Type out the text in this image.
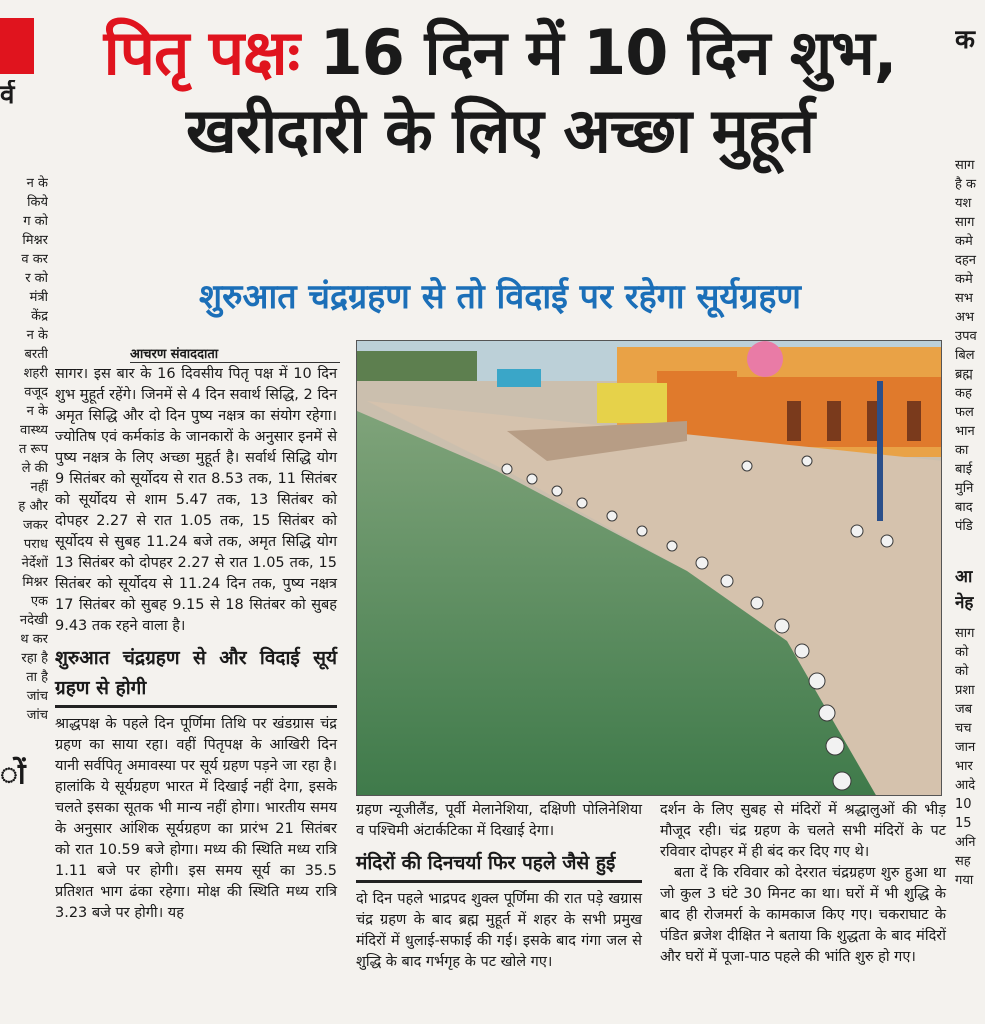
र्व
न के
किये
ग को
मिश्नर
व कर
र को
मंत्री
केंद्र
न के
बरती
शहरी
वजूद
न के
वास्थ्य
त रूप
ले की
नहीं
ह और
जकर
पराध
नेर्देशों
मिश्नर
एक
नदेखी
थ कर
रहा है
ता है
जांच
जांच
ों
क
साग
है क
यश
साग
कमे
दहन
कमे
सभ
अभ
उपव
बिल
ब्रह्म
कह
फल
भान
का
बाई
मुनि
बाद
पंडि
आ
नेह
साग
को
को
प्रशा
जब
चच
जान
भार
आदे
10
15
अनि
सह
गया
पितृ पक्षः 16 दिन में 10 दिन शुभ,
खरीदारी के लिए अच्छा मुहूर्त
शुरुआत चंद्रग्रहण से तो विदाई पर रहेगा सूर्यग्रहण
आचरण संवाददाता

सागर। इस बार के 16 दिवसीय पितृ पक्ष में 10 दिन शुभ मुहूर्त रहेंगे। जिनमें से 4 दिन सवार्थ सिद्धि, 2 दिन अमृत सिद्धि और दो दिन पुष्य नक्षत्र का संयोग रहेगा। ज्योतिष एवं कर्मकांड के जानकारों के अनुसार इनमें से पुष्य नक्षत्र के लिए अच्छा मुहूर्त है। सर्वार्थ सिद्धि योग 9 सितंबर को सूर्योदय से रात 8.53 तक, 11 सितंबर को सूर्योदय से शाम 5.47 तक, 13 सितंबर को दोपहर 2.27 से रात 1.05 तक, 15 सितंबर को सूर्योदय से सुबह 11.24 बजे तक, अमृत सिद्धि योग 13 सितंबर को दोपहर 2.27 से रात 1.05 तक, 15 सितंबर को सूर्योदय से 11.24 दिन तक, पुष्य नक्षत्र 17 सितंबर को सुबह 9.15 से 18 सितंबर को सुबह 9.43 तक रहने वाला है।

शुरुआत चंद्रग्रहण से और विदाई सूर्य ग्रहण से होगी

श्राद्धपक्ष के पहले दिन पूर्णिमा तिथि पर खंडग्रास चंद्र ग्रहण का साया रहा। वहीं पितृपक्ष के आखिरी दिन यानी सर्वपितृ अमावस्या पर सूर्य ग्रहण पड़ने जा रहा है। हालांकि ये सूर्यग्रहण भारत में दिखाई नहीं देगा, इसके चलते इसका सूतक भी मान्य नहीं होगा। भारतीय समय के अनुसार आंशिक सूर्यग्रहण का प्रारंभ 21 सितंबर को रात 10.59 बजे होगा। मध्य की स्थिति मध्य रात्रि 1.11 बजे पर होगी। इस समय सूर्य का 35.5 प्रतिशत भाग ढंका रहेगा। मोक्ष की स्थिति मध्य रात्रि 3.23 बजे पर होगी। यह

ग्रहण न्यूजीलैंड, पूर्वी मेलानेशिया, दक्षिणी पोलिनेशिया व पश्चिमी अंटार्कटिका में दिखाई देगा।

मंदिरों की दिनचर्या फिर पहले जैसे हुई

दो दिन पहले भाद्रपद शुक्ल पूर्णिमा की रात पड़े खग्रास चंद्र ग्रहण के बाद ब्रह्म मुहूर्त में शहर के सभी प्रमुख मंदिरों में धुलाई-सफाई की गई। इसके बाद गंगा जल से शुद्धि के बाद गर्भगृह के पट खोले गए।

दर्शन के लिए सुबह से मंदिरों में श्रद्धालुओं की भीड़ मौजूद रही। चंद्र ग्रहण के चलते सभी मंदिरों के पट रविवार दोपहर में ही बंद कर दिए गए थे।

बता दें कि रविवार को देररात चंद्रग्रहण शुरु हुआ था जो कुल 3 घंटे 30 मिनट का था। घरों में भी शुद्धि के बाद ही रोजमर्रा के कामकाज किए गए। चकराघाट के पंडित ब्रजेश दीक्षित ने बताया कि शुद्धता के बाद मंदिरों और घरों में पूजा-पाठ पहले की भांति शुरु हो गए।
